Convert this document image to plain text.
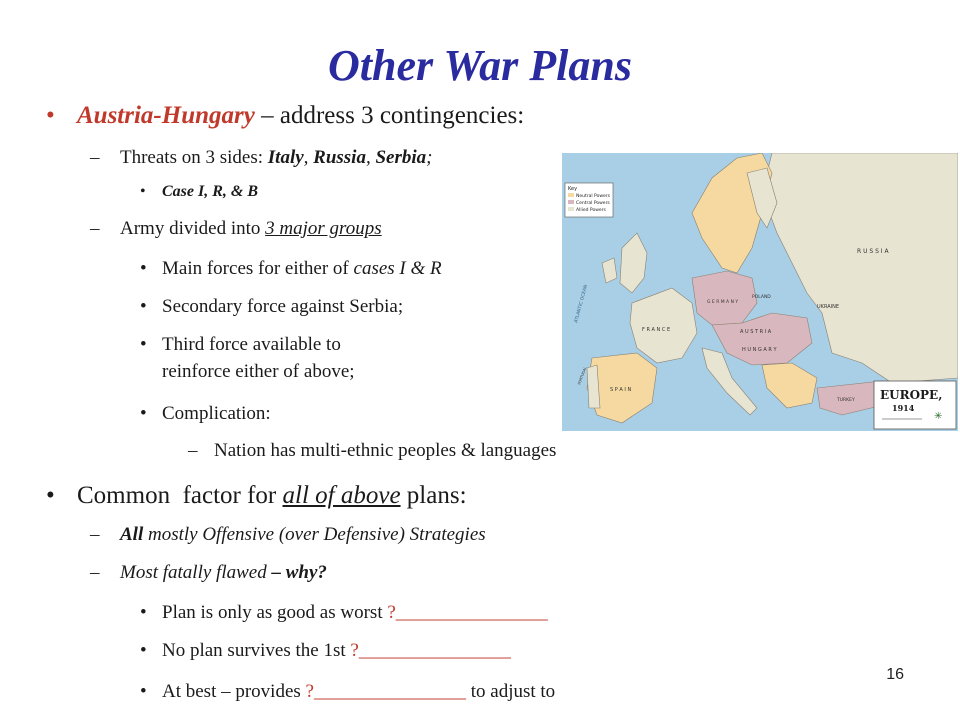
Other War Plans
• Austria-Hungary – address 3 contingencies:
– Threats on 3 sides: Italy, Russia, Serbia;
• Case I, R, & B
– Army divided into 3 major groups
• Main forces for either of cases I & R
• Secondary force against Serbia;
• Third force available to
reinforce either of above;
• Complication:
– Nation has multi-ethnic peoples & languages
• Common  factor for all of above plans:
– All mostly Offensive (over Defensive) Strategies
– Most fatally flawed – why?
• Plan is only as good as worst ?________________
• No plan survives the 1st ?________________
• At best – provides ?________________ to adjust to
Key
Neutral Powers
Central Powers
Allied Powers
R U S S I A
UKRAINE
POLAND
G E R M A N Y
A U S T R I A
H U N G A R Y
F R A N C E
S P A I N
PORTUGAL
TURKEY
ATLANTIC OCEAN
EUROPE,
1914
✳
16
